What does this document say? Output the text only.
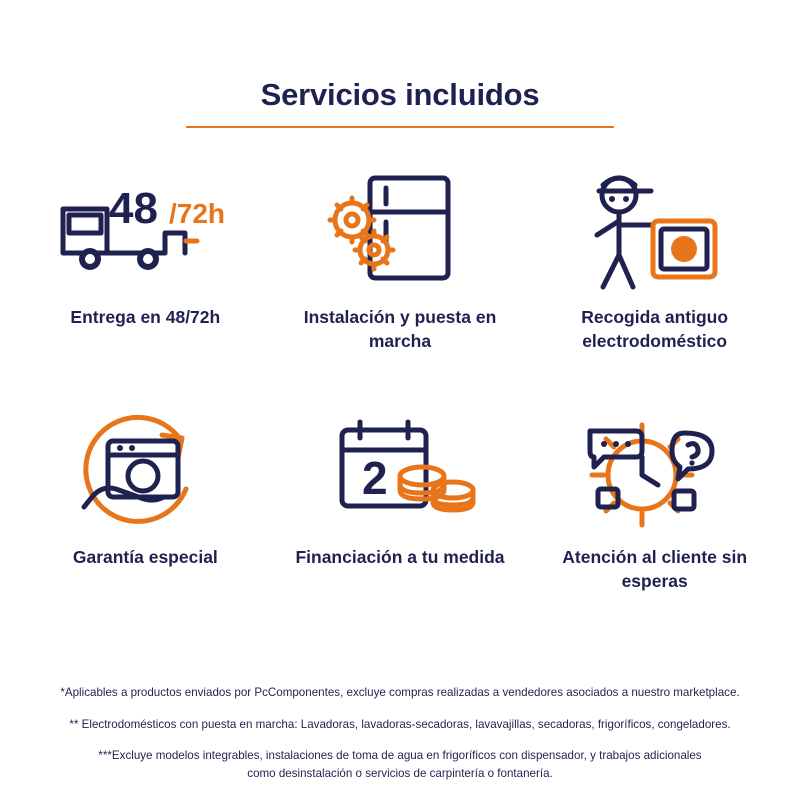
Servicios incluidos
48 /72h
Entrega en 48/72h	Instalación y puesta en marcha
Recogida antiguo electrodoméstico
Garantía especial
2
Financiación a tu medida	Atención al cliente sin esperas
*Aplicables a productos enviados por PcComponentes, excluye compras realizadas a vendedores asociados a nuestro marketplace.
** Electrodomésticos con puesta en marcha: Lavadoras, lavadoras-secadoras, lavavajillas, secadoras, frigoríficos, congeladores.
***Excluye modelos integrables, instalaciones de toma de agua en frigoríficos con dispensador, y trabajos adicionales como desinstalación o servicios de carpintería o fontanería.
